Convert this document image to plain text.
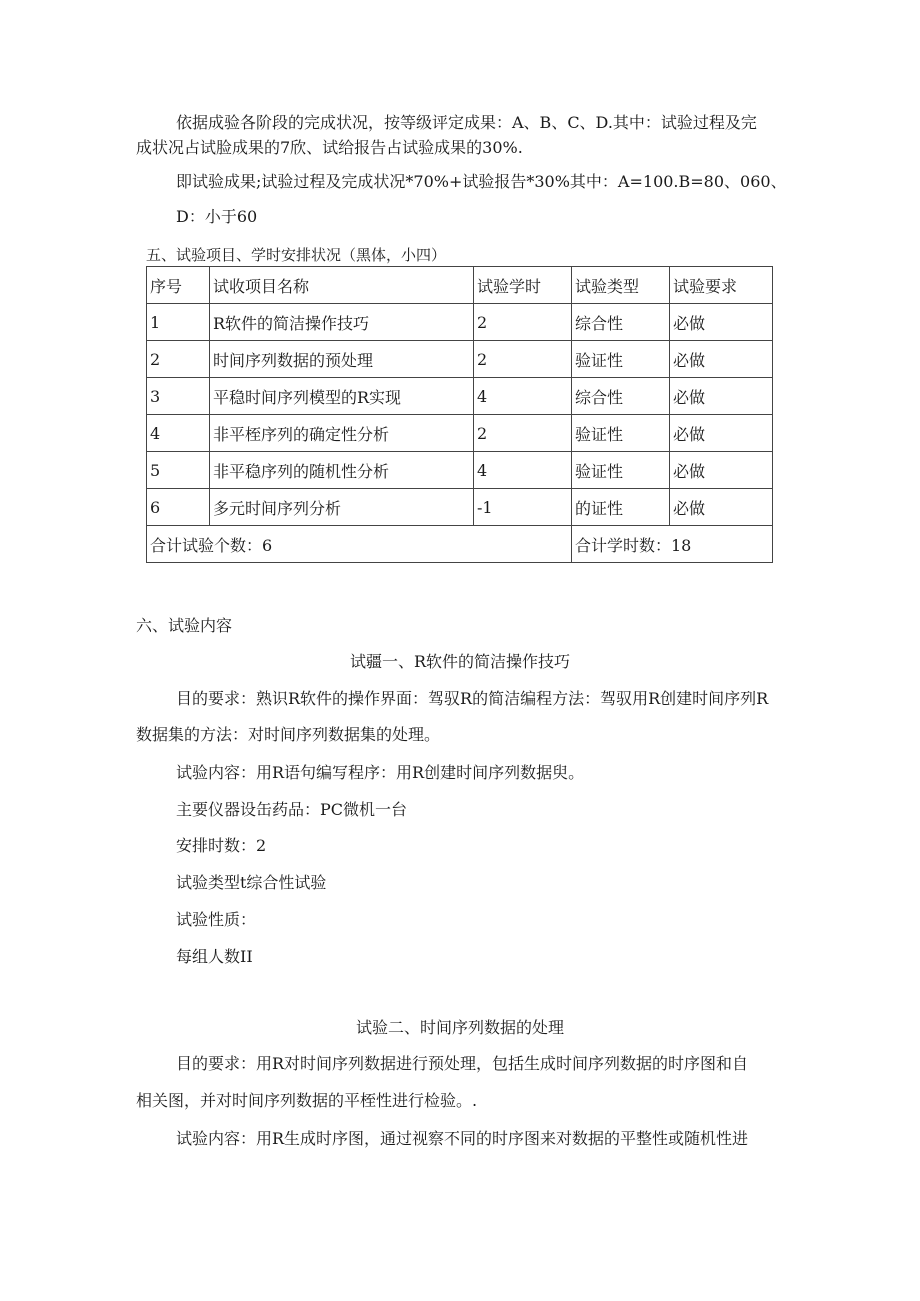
依据成验各阶段的完成状况，按等级评定成果：A、B、C、D.其中：试验过程及完
成状况占试脸成果的7欣、试给报告占试验成果的30%.
即试验成果;试验过程及完成状况*70%+试验报告*30%其中：A=100.B=80、060、
D：小于60
五、试验项目、学时安排状况（黑体，小四）
序号	试收项目名称	试验学时	试验类型	试验要求
1	R软件的简洁操作技巧	2	综合性	必做
2	时间序列数据的预处理	2	验证性	必做
3	平稳时间序列模型的R实现	4	综合性	必做
4	非平桎序列的确定性分析	2	验证性	必做
5	非平稳序列的随机性分析	4	验证性	必做
6	多元时间序列分析	-1	的证性	必做
合计试验个数：6			合计学时数：18	
六、试验内容
试疆一、R软件的简洁操作技巧
目的要求：熟识R软件的操作界面：驾驭R的简洁编程方法：驾驭用R创建时间序列R
数据集的方法：对时间序列数据集的处理。
试验内容：用R语句编写程序：用R创建时间序列数据臾。
主要仪器设缶药品：PC微机一台
安排时数：2
试验类型t综合性试验
试验性质：
每组人数II
试验二、时间序列数据的处理
目的要求：用R对时间序列数据进行预处理，包括生成时间序列数据的时序图和自
相关图，并对时间序列数据的平桎性进行检验。.
试验内容：用R生成时序图，通过视察不同的时序图来对数据的平整性或随机性进
